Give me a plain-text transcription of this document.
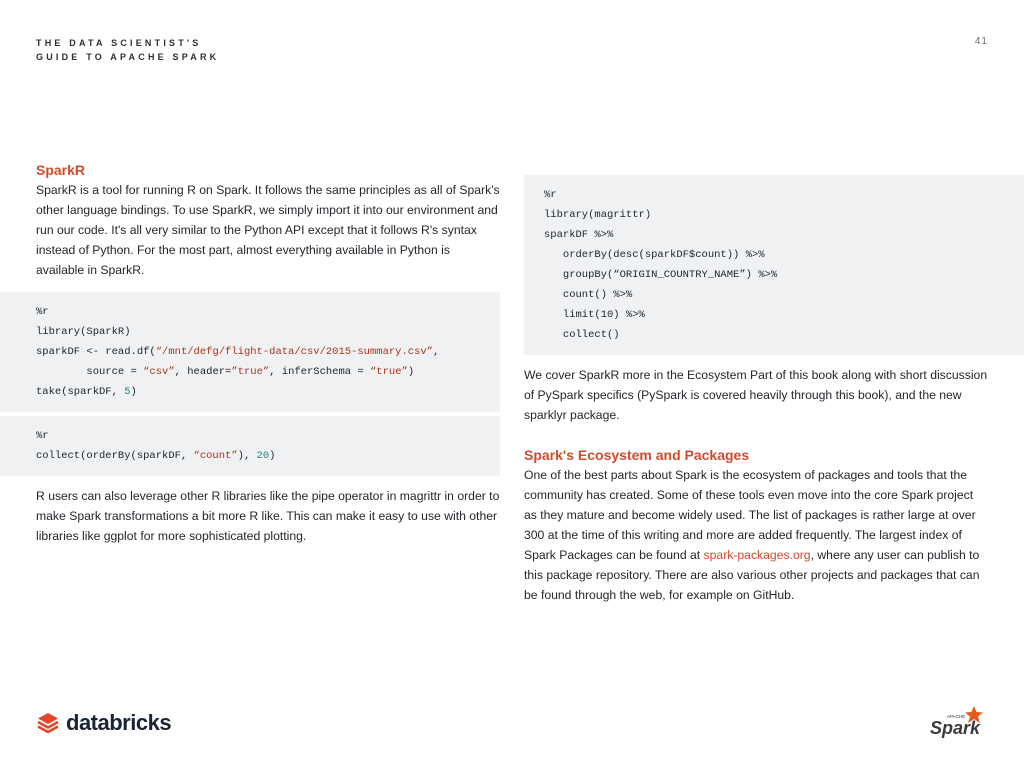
THE DATA SCIENTIST'S
GUIDE TO APACHE SPARK
41
SparkR

SparkR is a tool for running R on Spark. It follows the same principles as all of Spark's other language bindings. To use SparkR, we simply import it into our environment and run our code. It's all very similar to the Python API except that it follows R's syntax instead of Python. For the most part, almost everything available in Python is available in SparkR.

%r
library(SparkR)
sparkDF <- read.df(“/mnt/defg/flight-data/csv/2015-summary.csv”,
source = “csv”, header=”true”, inferSchema = “true”)
take(sparkDF, 5)
%r
collect(orderBy(sparkDF, “count”), 20)

R users can also leverage other R libraries like the pipe operator in magrittr in order to make Spark transformations a bit more R like. This can make it easy to use with other libraries like ggplot for more sophisticated plotting.

%r
library(magrittr)
sparkDF %>%
orderBy(desc(sparkDF$count)) %>%
groupBy(“ORIGIN_COUNTRY_NAME”) %>%
count() %>%
limit(10) %>%
collect()

We cover SparkR more in the Ecosystem Part of this book along with short discussion of PySpark specifics (PySpark is covered heavily through this book), and the new sparklyr package.

Spark's Ecosystem and Packages

One of the best parts about Spark is the ecosystem of packages and tools that the community has created. Some of these tools even move into the core Spark project as they mature and become widely used. The list of packages is rather large at over 300 at the time of this writing and more are added frequently. The largest index of Spark Packages can be found at spark-packages.org, where any user can publish to this package repository. There are also various other projects and packages that can be found through the web, for example on GitHub.

databricks	APACHE
Spark
